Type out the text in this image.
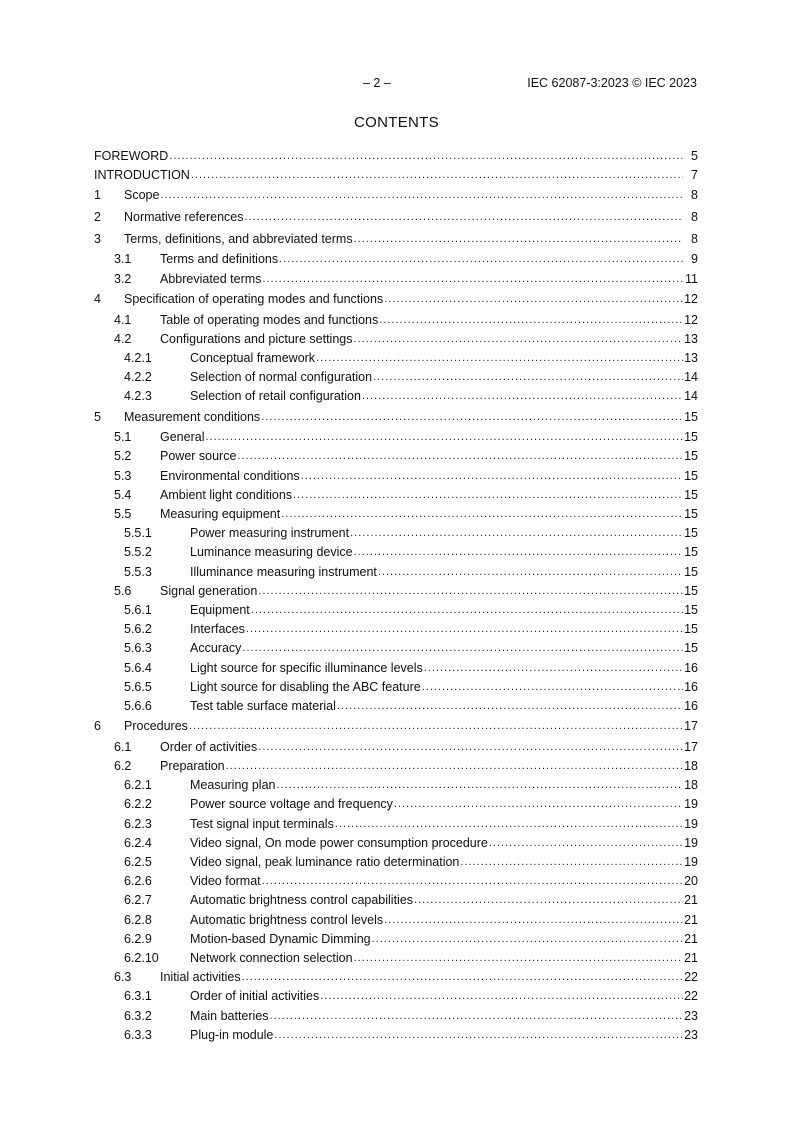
– 2 –	IEC 62087-3:2023 © IEC 2023
CONTENTS
FOREWORD .....	5
INTRODUCTION .....	7
1	Scope .....	8
2	Normative references .....	8
3	Terms, definitions, and abbreviated terms .....	8
3.1	Terms and definitions .....	9
3.2	Abbreviated terms .....	11
4	Specification of operating modes and functions .....	12
4.1	Table of operating modes and functions .....	12
4.2	Configurations and picture settings .....	13
4.2.1	Conceptual framework .....	13
4.2.2	Selection of normal configuration .....	14
4.2.3	Selection of retail configuration .....	14
5	Measurement conditions .....	15
5.1	General .....	15
5.2	Power source .....	15
5.3	Environmental conditions .....	15
5.4	Ambient light conditions .....	15
5.5	Measuring equipment .....	15
5.5.1	Power measuring instrument .....	15
5.5.2	Luminance measuring device .....	15
5.5.3	Illuminance measuring instrument .....	15
5.6	Signal generation .....	15
5.6.1	Equipment .....	15
5.6.2	Interfaces .....	15
5.6.3	Accuracy .....	15
5.6.4	Light source for specific illuminance levels .....	16
5.6.5	Light source for disabling the ABC feature .....	16
5.6.6	Test table surface material .....	16
6	Procedures .....	17
6.1	Order of activities .....	17
6.2	Preparation .....	18
6.2.1	Measuring plan .....	18
6.2.2	Power source voltage and frequency .....	19
6.2.3	Test signal input terminals .....	19
6.2.4	Video signal, On mode power consumption procedure .....	19
6.2.5	Video signal, peak luminance ratio determination .....	19
6.2.6	Video format .....	20
6.2.7	Automatic brightness control capabilities .....	21
6.2.8	Automatic brightness control levels .....	21
6.2.9	Motion-based Dynamic Dimming .....	21
6.2.10	Network connection selection .....	21
6.3	Initial activities .....	22
6.3.1	Order of initial activities .....	22
6.3.2	Main batteries .....	23
6.3.3	Plug-in module .....	23
